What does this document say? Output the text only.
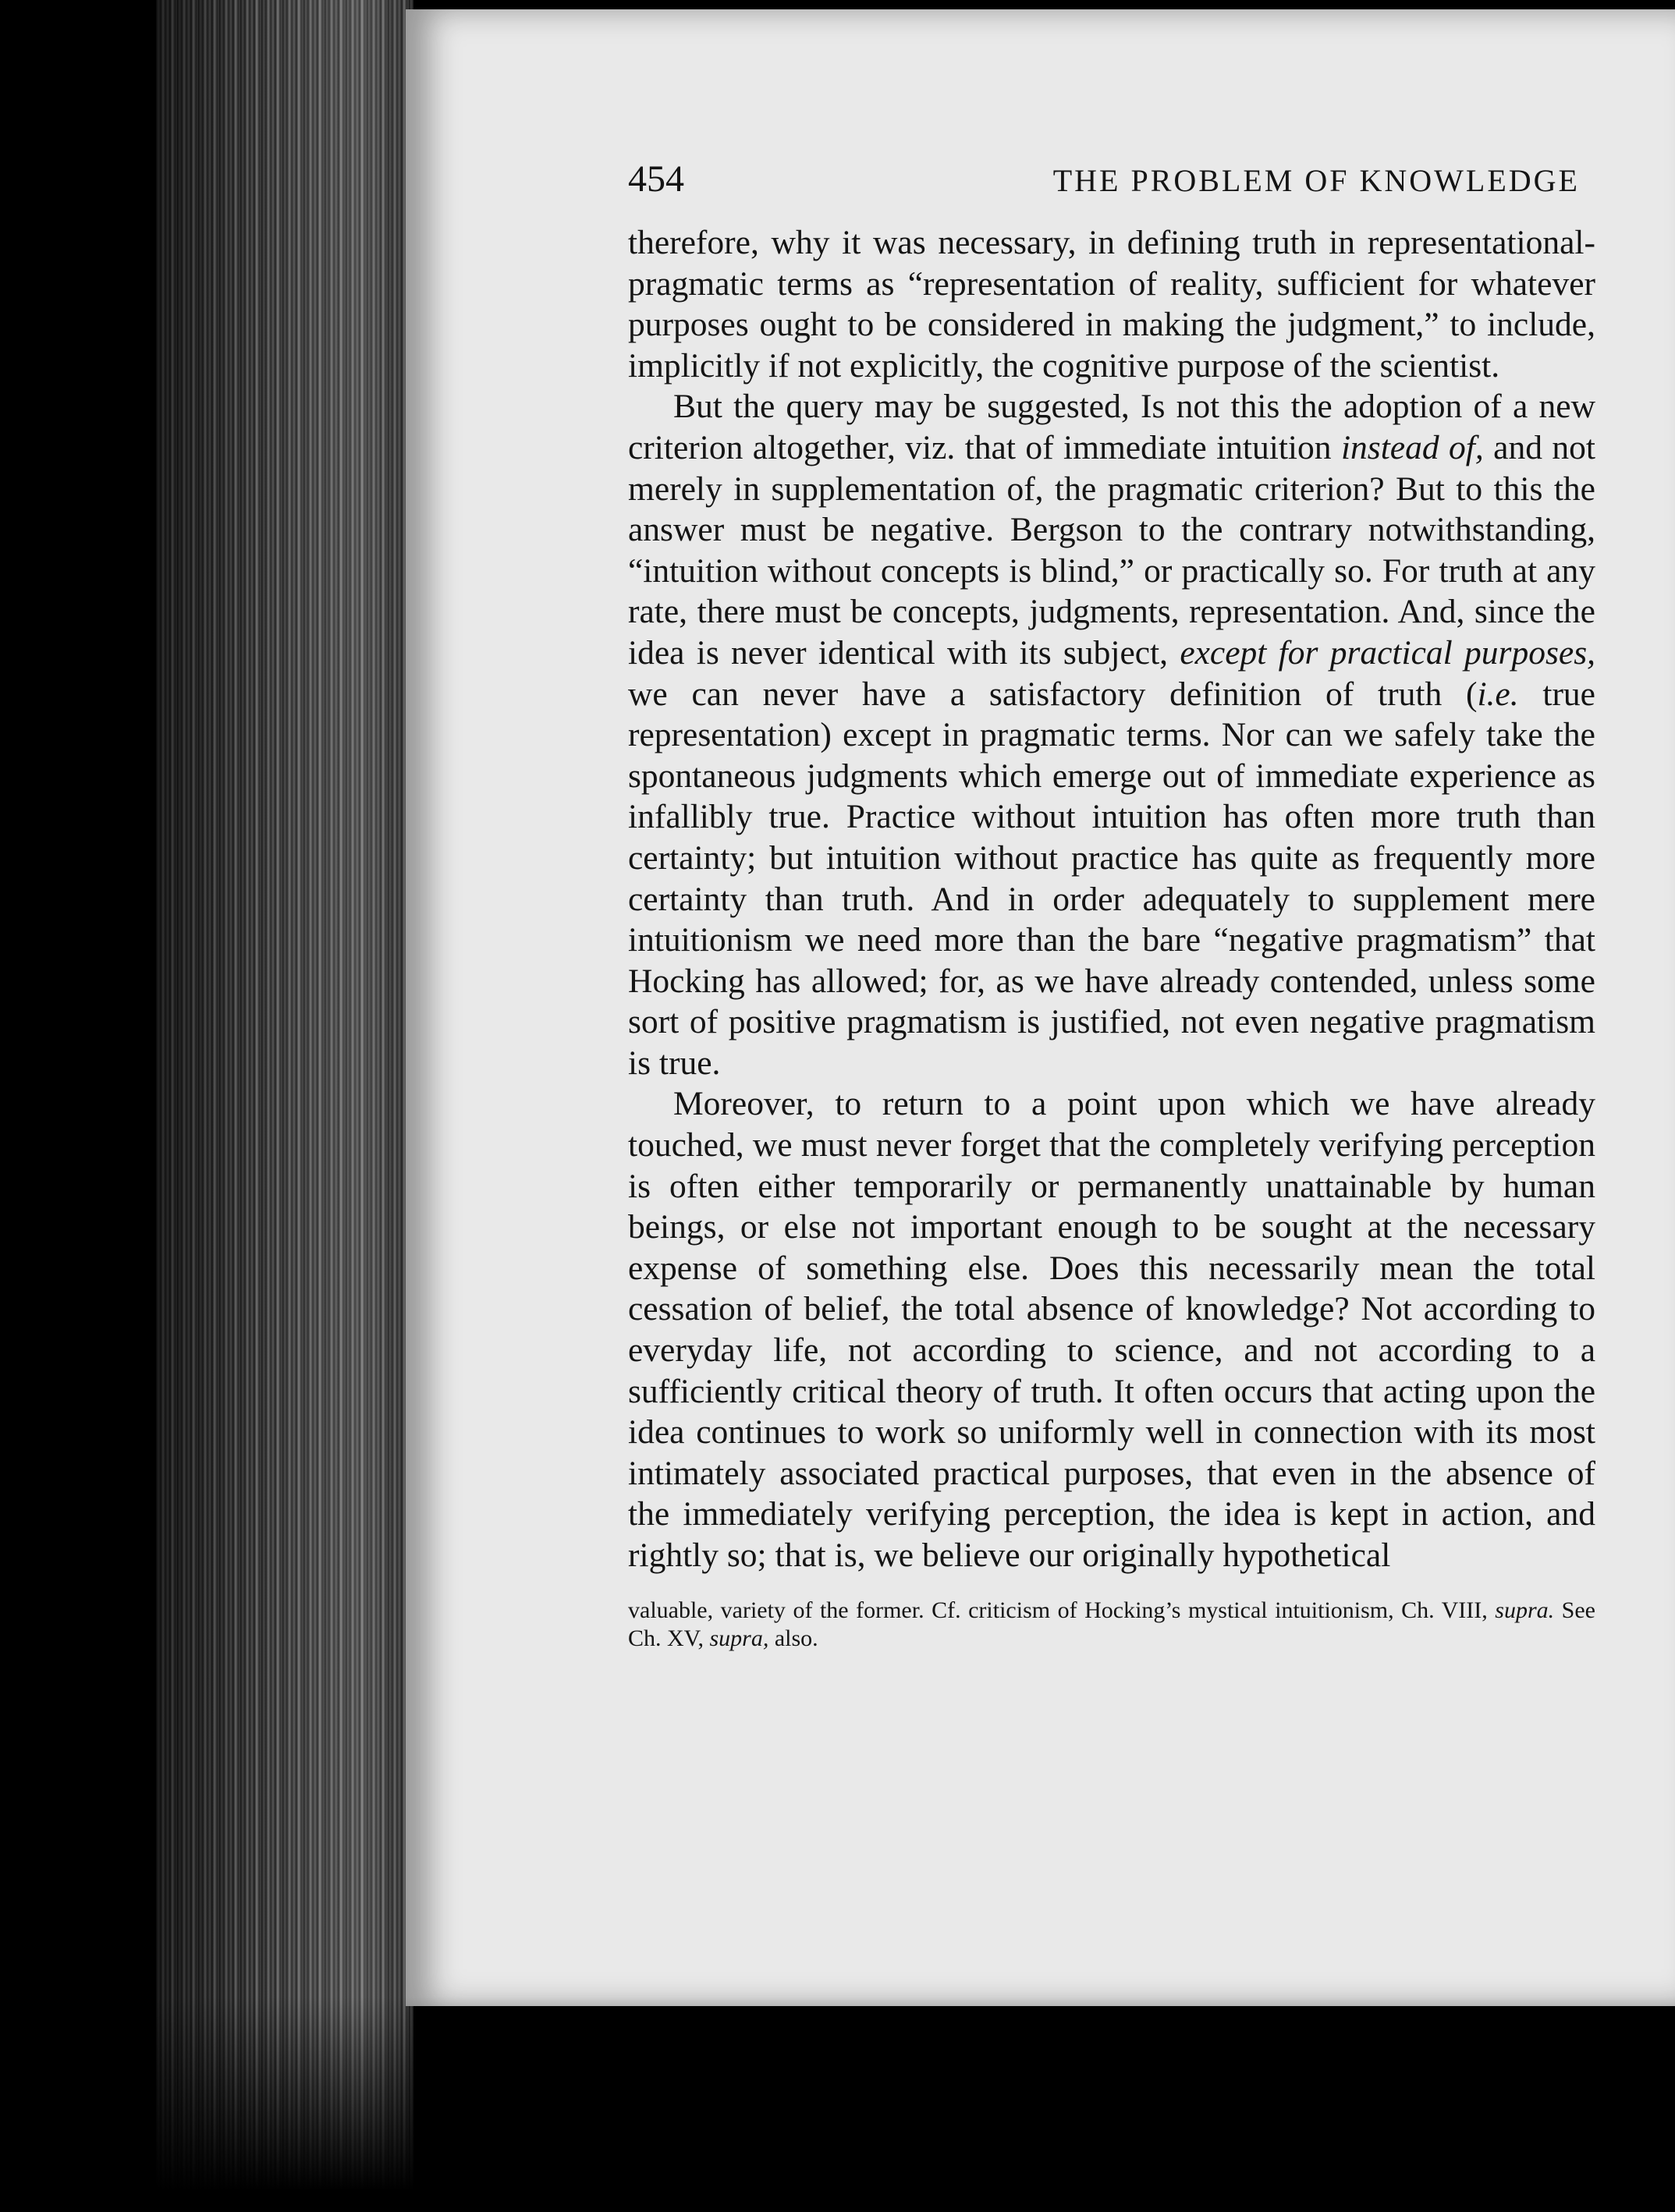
454	THE PROBLEM OF KNOWLEDGE

therefore, why it was necessary, in defining truth in representational-pragmatic terms as “representation of reality, sufficient for whatever purposes ought to be considered in making the judgment,” to include, implicitly if not explicitly, the cognitive purpose of the scientist.

But the query may be suggested, Is not this the adoption of a new criterion altogether, viz. that of immediate intuition instead of, and not merely in supplementation of, the pragmatic criterion? But to this the answer must be negative. Bergson to the contrary notwithstanding, “intuition without concepts is blind,” or practically so. For truth at any rate, there must be concepts, judgments, representation. And, since the idea is never identical with its subject, except for practical purposes, we can never have a satisfactory definition of truth (i.e. true representation) except in pragmatic terms. Nor can we safely take the spontaneous judgments which emerge out of immediate experience as infallibly true. Practice without intuition has often more truth than certainty; but intuition without practice has quite as frequently more certainty than truth. And in order adequately to supplement mere intuitionism we need more than the bare “negative pragmatism” that Hocking has allowed; for, as we have already contended, unless some sort of positive pragmatism is justified, not even negative pragmatism is true.

Moreover, to return to a point upon which we have already touched, we must never forget that the completely verifying perception is often either temporarily or permanently unattainable by human beings, or else not important enough to be sought at the necessary expense of something else. Does this necessarily mean the total cessation of belief, the total absence of knowledge? Not according to everyday life, not according to science, and not according to a sufficiently critical theory of truth. It often occurs that acting upon the idea continues to work so uniformly well in connection with its most intimately associated practical purposes, that even in the absence of the immediately verifying perception, the idea is kept in action, and rightly so; that is, we believe our originally hypothetical

valuable, variety of the former. Cf. criticism of Hocking’s mystical intuitionism, Ch. VIII, supra. See Ch. XV, supra, also.
